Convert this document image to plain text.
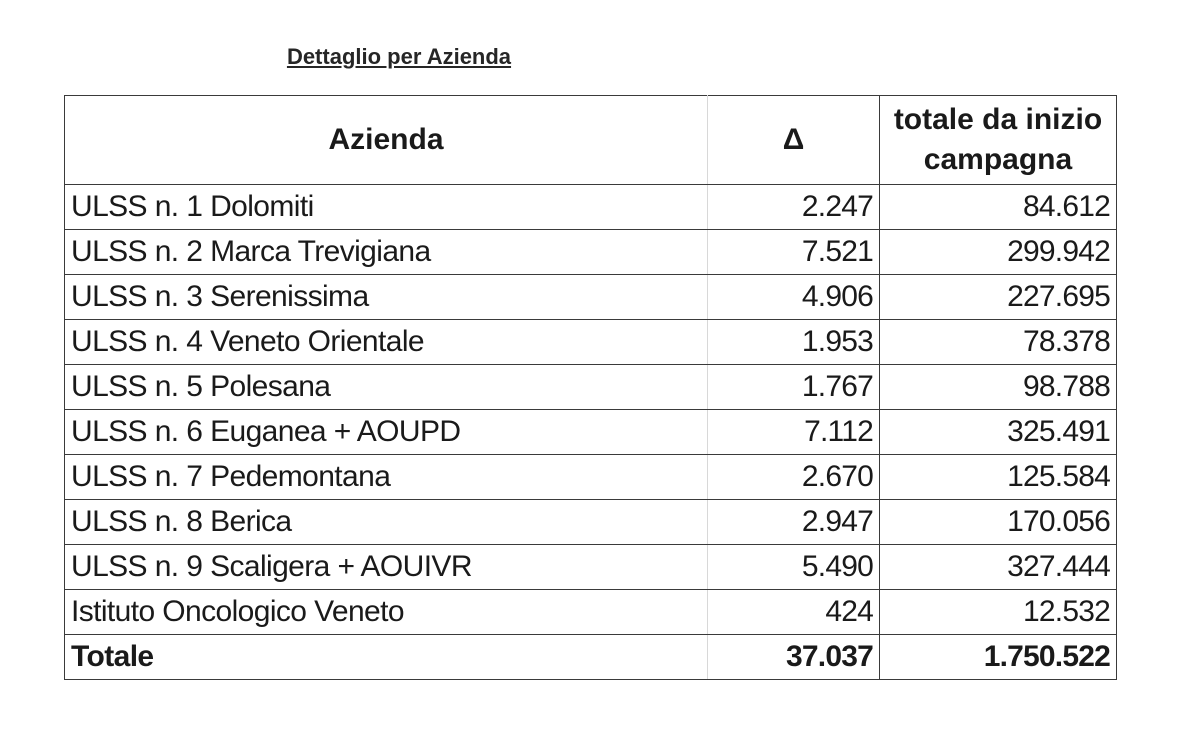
Dettaglio per Azienda
Azienda	Δ	totale da inizio campagna
ULSS n. 1 Dolomiti	2.247	84.612
ULSS n. 2 Marca Trevigiana	7.521	299.942
ULSS n. 3 Serenissima	4.906	227.695
ULSS n. 4 Veneto Orientale	1.953	78.378
ULSS n. 5 Polesana	1.767	98.788
ULSS n. 6 Euganea + AOUPD	7.112	325.491
ULSS n. 7 Pedemontana	2.670	125.584
ULSS n. 8 Berica	2.947	170.056
ULSS n. 9 Scaligera + AOUIVR	5.490	327.444
Istituto Oncologico Veneto	424	12.532
Totale	37.037	1.750.522
